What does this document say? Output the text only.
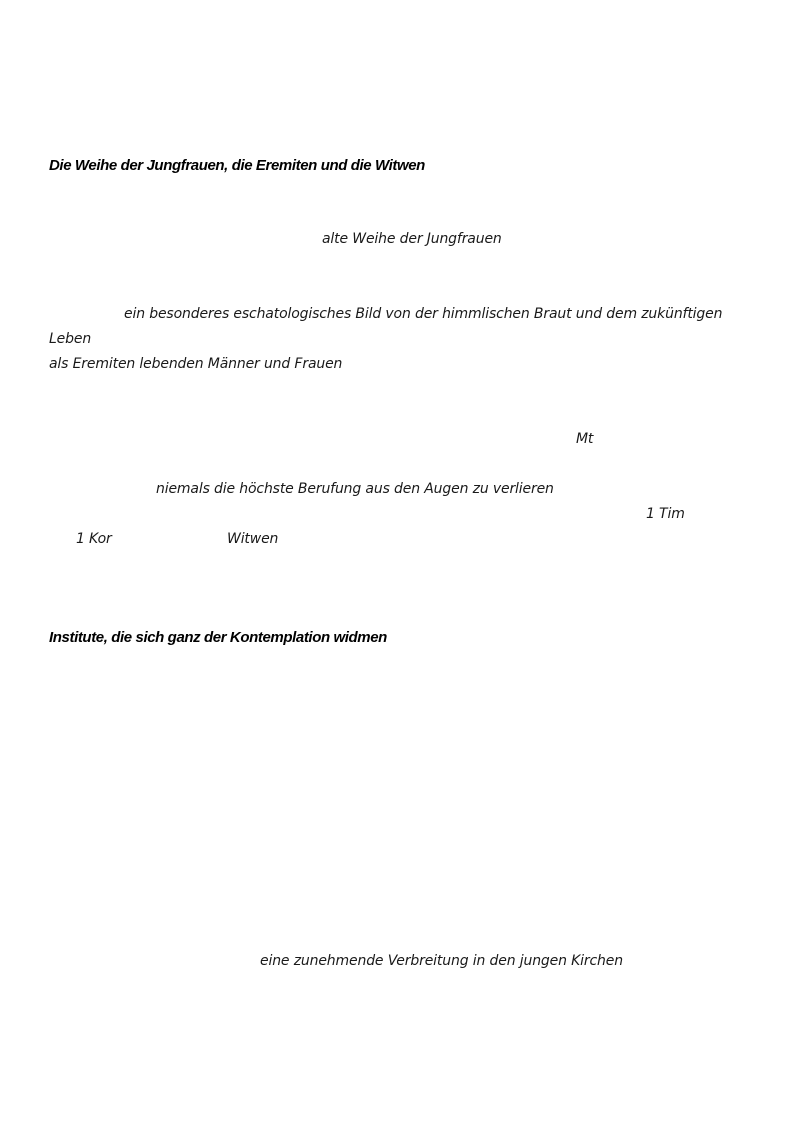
Die Weihe der Jungfrauen, die Eremiten und die Witwen
alte Weihe der Jungfrauen
ein besonderes eschatologisches Bild von der himmlischen Braut und dem zukünftigen
Leben
als Eremiten lebenden Männer und Frauen
Mt
niemals die höchste Berufung aus den Augen zu verlieren
1 Tim
1 Kor	Witwen
Institute, die sich ganz der Kontemplation widmen
eine zunehmende Verbreitung in den jungen Kirchen
